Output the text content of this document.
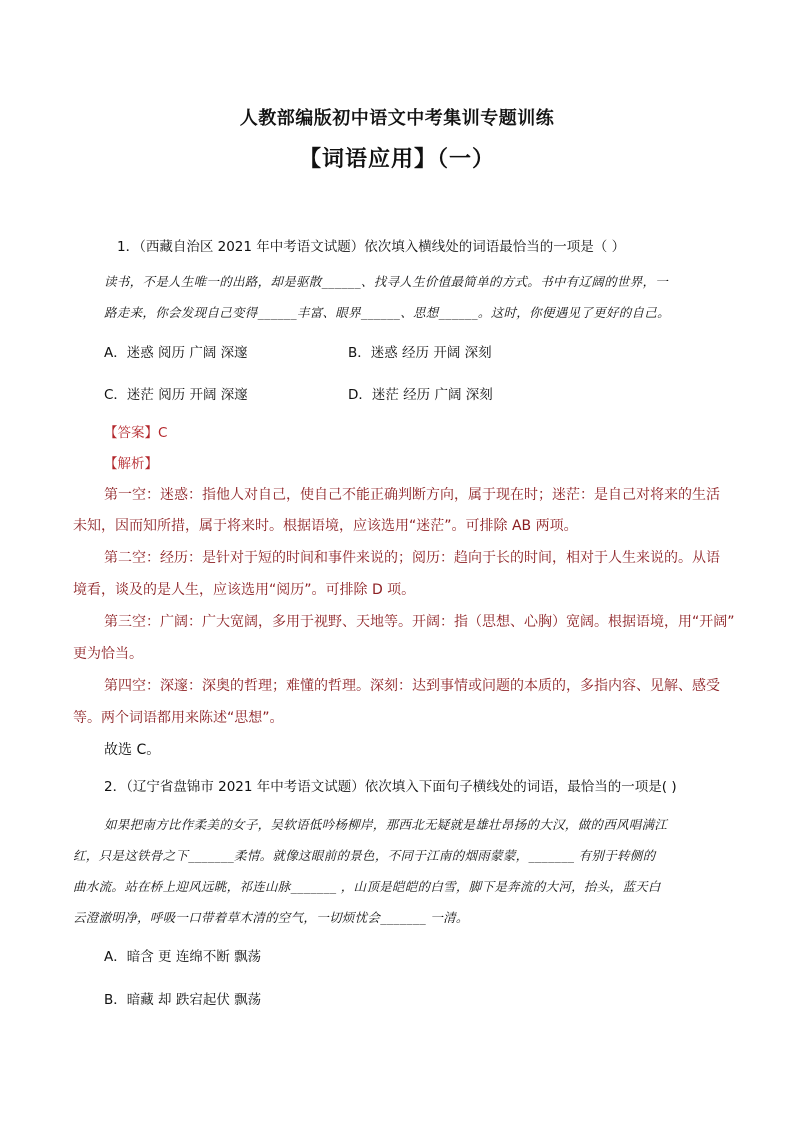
人教部编版初中语文中考集训专题训练
【词语应用】（一）
1．（西藏自治区 2021 年中考语文试题）依次填入横线处的词语最恰当的一项是（ ）
读书，不是人生唯一的出路，却是驱散______、找寻人生价值最简单的方式。书中有辽阔的世界，一
路走来，你会发现自己变得______丰富、眼界______、思想______。这时，你便遇见了更好的自己。
A．迷惑 阅历 广阔 深邃	B．迷惑 经历 开阔 深刻
C．迷茫 阅历 开阔 深邃	D．迷茫 经历 广阔 深刻
【答案】C
【解析】
第一空：迷惑：指他人对自己，使自己不能正确判断方向，属于现在时；迷茫：是自己对将来的生活
未知，因而知所措，属于将来时。根据语境，应该选用“迷茫”。可排除 AB 两项。
第二空：经历：是针对于短的时间和事件来说的；阅历：趋向于长的时间，相对于人生来说的。从语
境看，谈及的是人生，应该选用“阅历”。可排除 D 项。
第三空：广阔：广大宽阔，多用于视野、天地等。开阔：指（思想、心胸）宽阔。根据语境，用“开阔”
更为恰当。
第四空：深邃：深奥的哲理；难懂的哲理。深刻：达到事情或问题的本质的，多指内容、见解、感受
等。两个词语都用来陈述“思想”。
故选 C。
2．（辽宁省盘锦市 2021 年中考语文试题）依次填入下面句子横线处的词语，最恰当的一项是( )
如果把南方比作柔美的女子，吴软语低吟杨柳岸，那西北无疑就是雄壮昂扬的大汉，做的西风唱满江
红，只是这铁骨之下_______柔情。就像这眼前的景色，不同于江南的烟雨蒙蒙，_______ 有别于转侧的
曲水流。站在桥上迎风远眺，祁连山脉_______ ，山顶是皑皑的白雪，脚下是奔流的大河，抬头，蓝天白
云澄澈明净，呼吸一口带着草木清的空气，一切烦忧会_______ 一清。
A．暗含 更 连绵不断 飘荡
B．暗藏 却 跌宕起伏 飘荡
